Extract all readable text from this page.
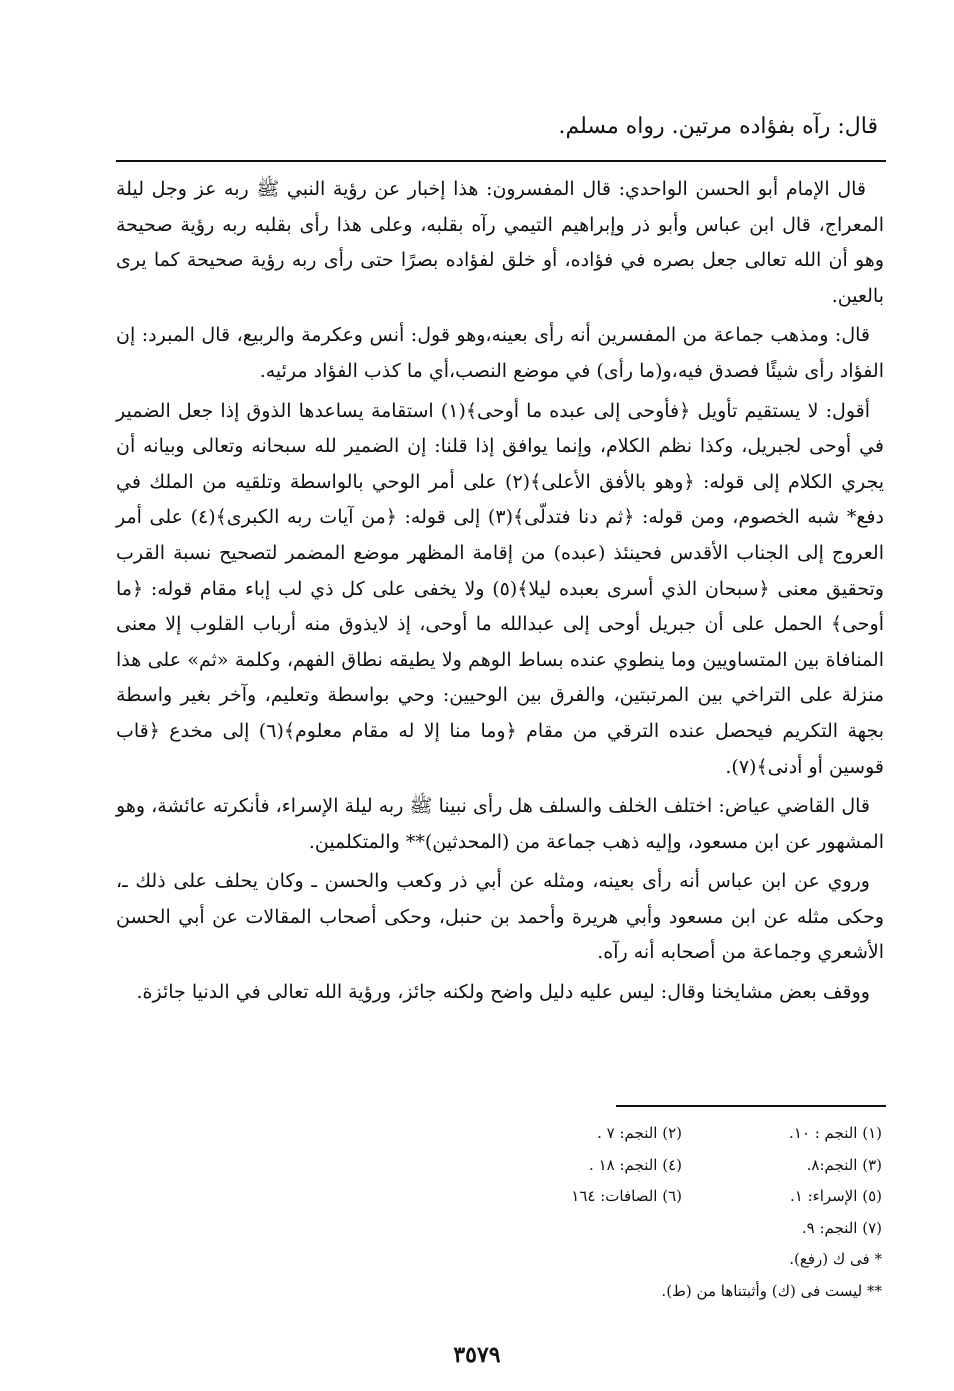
قال: رآه بفؤاده مرتين. رواه مسلم.

قال الإمام أبو الحسن الواحدي: قال المفسرون: هذا إخبار عن رؤية النبي ﷺ ربه عز وجل ليلة المعراج، قال ابن عباس وأبو ذر وإبراهيم التيمي رآه بقلبه، وعلى هذا رأى بقلبه ربه رؤية صحيحة وهو أن الله تعالى جعل بصره في فؤاده، أو خلق لفؤاده بصرًا حتى رأى ربه رؤية صحيحة كما يرى بالعين.

قال: ومذهب جماعة من المفسرين أنه رأى بعينه،وهو قول: أنس وعكرمة والربيع، قال المبرد: إن الفؤاد رأى شيئًا فصدق فيه،و(ما رأى) في موضع النصب،أي ما كذب الفؤاد مرئيه.

أقول: لا يستقيم تأويل ﴿فأوحى إلى عبده ما أوحى﴾(١) استقامة يساعدها الذوق إذا جعل الضمير في أوحى لجبريل، وكذا نظم الكلام، وإنما يوافق إذا قلنا: إن الضمير لله سبحانه وتعالى وبيانه أن يجري الكلام إلى قوله: ﴿وهو بالأفق الأعلى﴾(٢) على أمر الوحي بالواسطة وتلقيه من الملك في دفع* شبه الخصوم، ومن قوله: ﴿ثم دنا فتدلّى﴾(٣) إلى قوله: ﴿من آيات ربه الكبرى﴾(٤) على أمر العروج إلى الجناب الأقدس فحينئذ (عبده) من إقامة المظهر موضع المضمر لتصحيح نسبة القرب وتحقيق معنى ﴿سبحان الذي أسرى بعبده ليلا﴾(٥) ولا يخفى على كل ذي لب إباء مقام قوله: ﴿ما أوحى﴾ الحمل على أن جبريل أوحى إلى عبدالله ما أوحى، إذ لايذوق منه أرباب القلوب إلا معنى المنافاة بين المتساويين وما ينطوي عنده بساط الوهم ولا يطيقه نطاق الفهم، وكلمة «ثم» على هذا منزلة على التراخي بين المرتبتين، والفرق بين الوحيين: وحي بواسطة وتعليم، وآخر بغير واسطة بجهة التكريم فيحصل عنده الترقي من مقام ﴿وما منا إلا له مقام معلوم﴾(٦) إلى مخدع ﴿قاب قوسين أو أدنى﴾(٧).

قال القاضي عياض: اختلف الخلف والسلف هل رأى نبينا ﷺ ربه ليلة الإسراء، فأنكرته عائشة، وهو المشهور عن ابن مسعود، وإليه ذهب جماعة من (المحدثين)** والمتكلمين.

وروي عن ابن عباس أنه رأى بعينه، ومثله عن أبي ذر وكعب والحسن ـ وكان يحلف على ذلك ـ، وحكى مثله عن ابن مسعود وأبي هريرة وأحمد بن حنبل، وحكى أصحاب المقالات عن أبي الحسن الأشعري وجماعة من أصحابه أنه رآه.

ووقف بعض مشايخنا وقال: ليس عليه دليل واضح ولكنه جائز، ورؤية الله تعالى في الدنيا جائزة.

(١) النجم : ١٠.
(٢) النجم: ٧ .
(٣) النجم:٨.
(٤) النجم: ١٨ .
(٥) الإسراء: ١.
(٦) الصافات: ١٦٤
(٧) النجم: ٩.
* فى ك (رفع).
** ليست فى (ك) وأثبتناها من (ط).
٣٥٧٩
